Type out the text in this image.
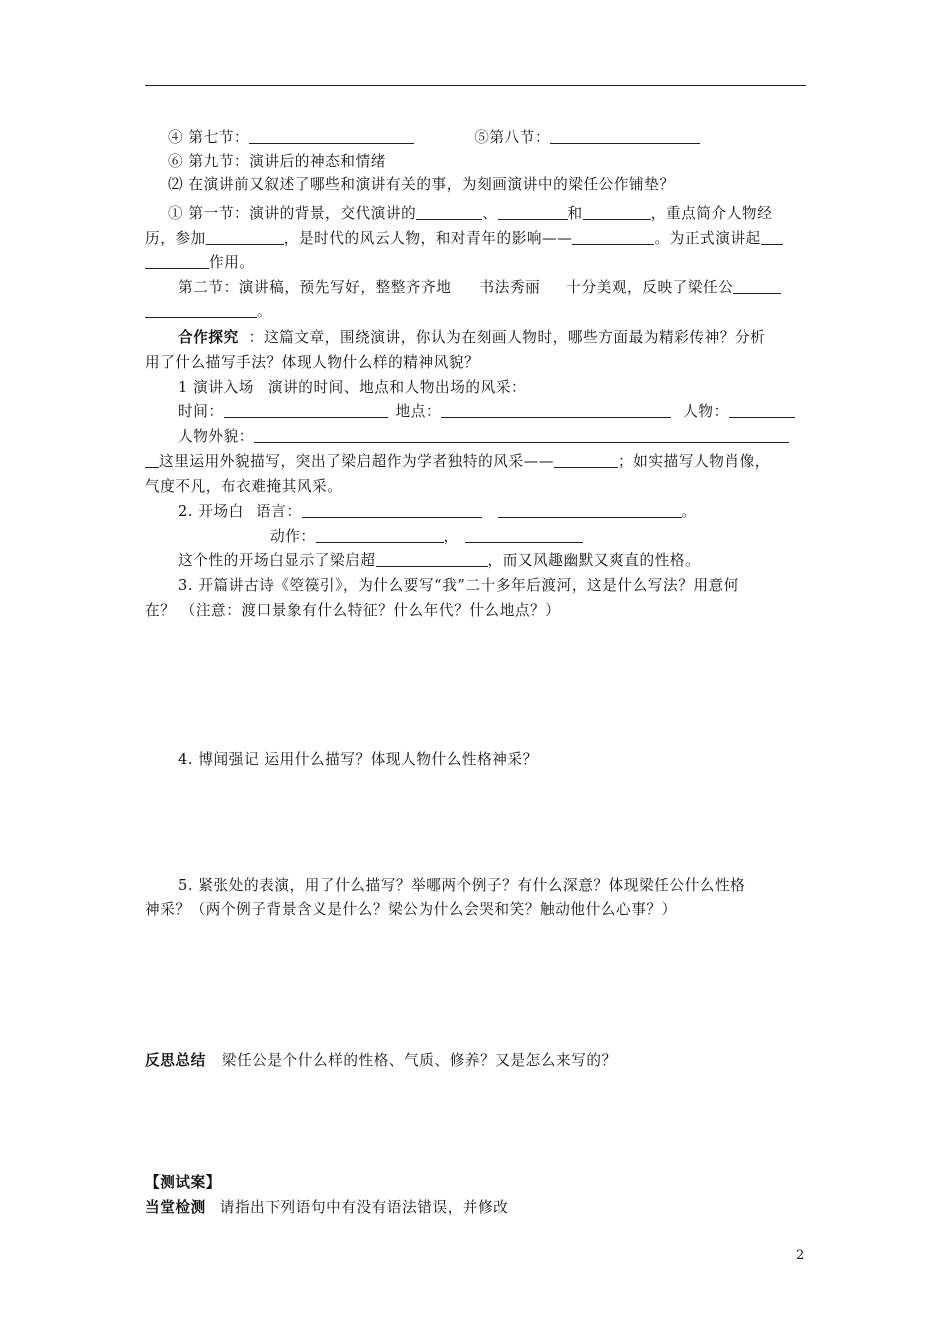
④ 第七节：	⑤第八节：
⑥ 第九节：演讲后的神态和情绪
⑵ 在演讲前又叙述了哪些和演讲有关的事，为刻画演讲中的梁任公作铺垫？
① 第一节：演讲的背景，交代演讲的	、	和	，重点简介人物经
历，参加	，是时代的风云人物，和对青年的影响——	。为正式演讲起
作用。
第二节：演讲稿，预先写好，整整齐齐地 书法秀丽 十分美观，反映了梁任公
。
合作探究 ：这篇文章，围绕演讲，你认为在刻画人物时，哪些方面最为精彩传神？分析
用了什么描写手法？体现人物什么样的精神风貌？
1 演讲入场 演讲的时间、地点和人物出场的风采：
时间：	地点：	人物：
人物外貌：
这里运用外貌描写，突出了梁启超作为学者独特的风采——	；如实描写人物肖像，
气度不凡，布衣难掩其风采。
2. 开场白 语言：	。
动作：	，
这个性的开场白显示了梁启超	，而又风趣幽默又爽直的性格。
3. 开篇讲古诗《箜篌引》，为什么要写“我”二十多年后渡河，这是什么写法？用意何
在？ （注意：渡口景象有什么特征？什么年代？什么地点？）
4. 博闻强记 运用什么描写？体现人物什么性格神采？
5. 紧张处的表演，用了什么描写？举哪两个例子？有什么深意？体现梁任公什么性格
神采？（两个例子背景含义是什么？梁公为什么会哭和笑？触动他什么心事？）
反思总结 梁任公是个什么样的性格、气质、修养？又是怎么来写的？
【测试案】
当堂检测 请指出下列语句中有没有语法错误，并修改
2
